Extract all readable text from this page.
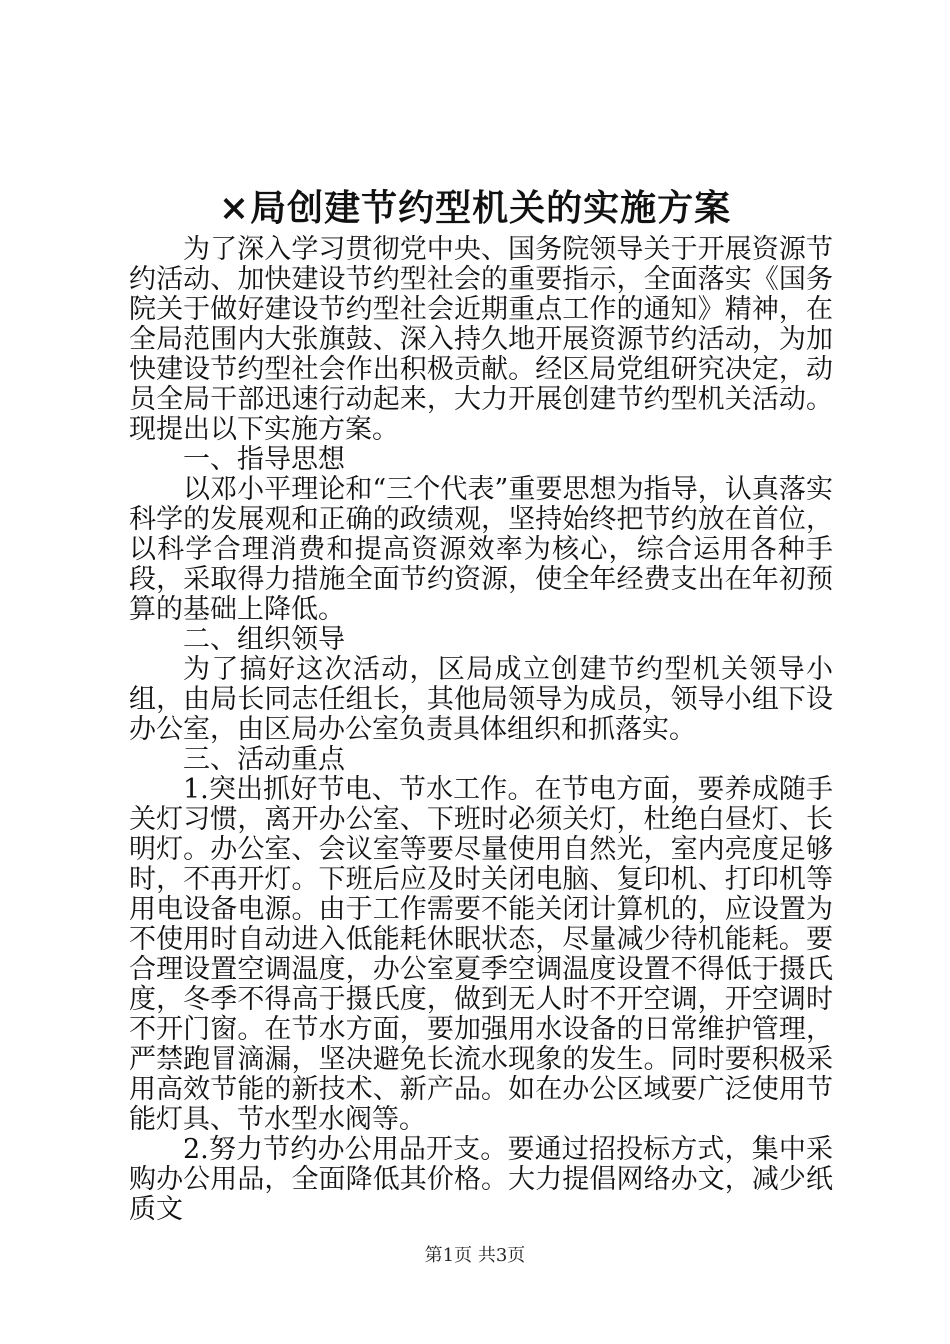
×局创建节约型机关的实施方案

为了深入学习贯彻党中央、国务院领导关于开展资源节约活动、加快建设节约型社会的重要指示，全面落实《国务院关于做好建设节约型社会近期重点工作的通知》精神，在全局范围内大张旗鼓、深入持久地开展资源节约活动，为加快建设节约型社会作出积极贡献。经区局党组研究决定，动员全局干部迅速行动起来，大力开展创建节约型机关活动。现提出以下实施方案。

一、指导思想

以邓小平理论和“三个代表”重要思想为指导，认真落实科学的发展观和正确的政绩观，坚持始终把节约放在首位，以科学合理消费和提高资源效率为核心，综合运用各种手段，采取得力措施全面节约资源，使全年经费支出在年初预算的基础上降低。

二、组织领导

为了搞好这次活动，区局成立创建节约型机关领导小组，由局长同志任组长，其他局领导为成员，领导小组下设办公室，由区局办公室负责具体组织和抓落实。

三、活动重点

1.突出抓好节电、节水工作。在节电方面，要养成随手关灯习惯，离开办公室、下班时必须关灯，杜绝白昼灯、长明灯。办公室、会议室等要尽量使用自然光，室内亮度足够时，不再开灯。下班后应及时关闭电脑、复印机、打印机等用电设备电源。由于工作需要不能关闭计算机的，应设置为不使用时自动进入低能耗休眠状态，尽量减少待机能耗。要合理设置空调温度，办公室夏季空调温度设置不得低于摄氏度，冬季不得高于摄氏度，做到无人时不开空调，开空调时不开门窗。在节水方面，要加强用水设备的日常维护管理，严禁跑冒滴漏，坚决避免长流水现象的发生。同时要积极采用高效节能的新技术、新产品。如在办公区域要广泛使用节能灯具、节水型水阀等。

2.努力节约办公用品开支。要通过招投标方式，集中采购办公用品，全面降低其价格。大力提倡网络办文，减少纸质文

第1页 共3页
